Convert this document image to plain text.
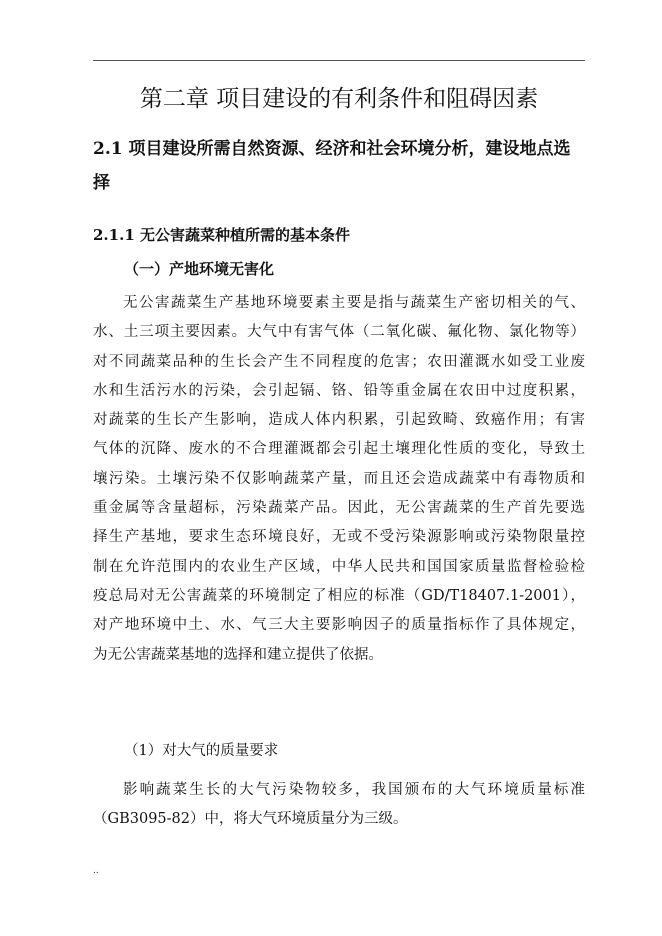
第二章 项目建设的有利条件和阻碍因素
2.1 项目建设所需自然资源、经济和社会环境分析，建设地点选择
2.1.1 无公害蔬菜种植所需的基本条件
（一）产地环境无害化
无公害蔬菜生产基地环境要素主要是指与蔬菜生产密切相关的气、
水、土三项主要因素。大气中有害气体（二氧化碳、氟化物、氯化物等）
对不同蔬菜品种的生长会产生不同程度的危害；农田灌溉水如受工业废
水和生活污水的污染，会引起镉、铬、铅等重金属在农田中过度积累，
对蔬菜的生长产生影响，造成人体内积累，引起致畸、致癌作用；有害
气体的沉降、废水的不合理灌溉都会引起土壤理化性质的变化，导致土
壤污染。土壤污染不仅影响蔬菜产量，而且还会造成蔬菜中有毒物质和
重金属等含量超标，污染蔬菜产品。因此，无公害蔬菜的生产首先要选
择生产基地，要求生态环境良好，无或不受污染源影响或污染物限量控
制在允许范围内的农业生产区域，中华人民共和国国家质量监督检验检
疫总局对无公害蔬菜的环境制定了相应的标准（GD/T18407.1-2001），
对产地环境中土、水、气三大主要影响因子的质量指标作了具体规定，
为无公害蔬菜基地的选择和建立提供了依据。

（1）对大气的质量要求

影响蔬菜生长的大气污染物较多，我国颁布的大气环境质量标准
（GB3095-82）中，将大气环境质量分为三级。
..
